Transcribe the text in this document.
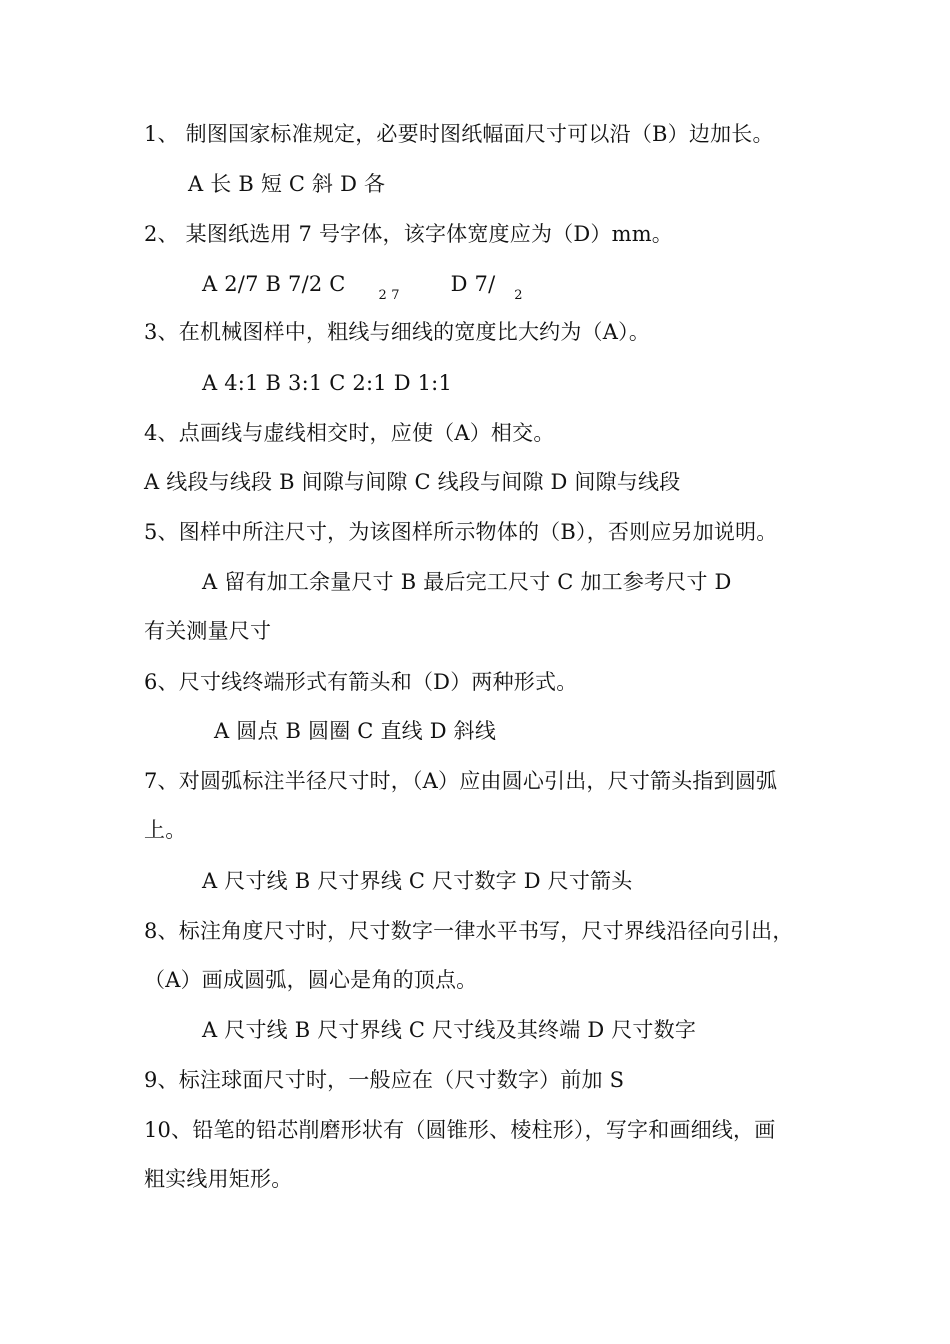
1、 制图国家标准规定，必要时图纸幅面尺寸可以沿（B）边加长。
A 长 B 短 C 斜 D 各
2、 某图纸选用 7 号字体，该字体宽度应为（D）mm。
A 2/7 B 7/2 C	2 7 D 7/ 2
3、在机械图样中，粗线与细线的宽度比大约为（A）。
A 4:1 B 3:1 C 2:1 D 1:1
4、点画线与虚线相交时，应使（A）相交。
A 线段与线段 B 间隙与间隙 C 线段与间隙 D 间隙与线段
5、图样中所注尺寸，为该图样所示物体的（B），否则应另加说明。
A 留有加工余量尺寸 B 最后完工尺寸 C 加工参考尺寸 D
有关测量尺寸
6、尺寸线终端形式有箭头和（D）两种形式。
A 圆点 B 圆圈 C 直线 D 斜线
7、对圆弧标注半径尺寸时，（A）应由圆心引出，尺寸箭头指到圆弧
上。
A 尺寸线 B 尺寸界线 C 尺寸数字 D 尺寸箭头
8、标注角度尺寸时，尺寸数字一律水平书写，尺寸界线沿径向引出，
（A）画成圆弧，圆心是角的顶点。
A 尺寸线 B 尺寸界线 C 尺寸线及其终端 D 尺寸数字
9、标注球面尺寸时，一般应在（尺寸数字）前加 S
10、铅笔的铅芯削磨形状有（圆锥形、棱柱形），写字和画细线，画
粗实线用矩形。
